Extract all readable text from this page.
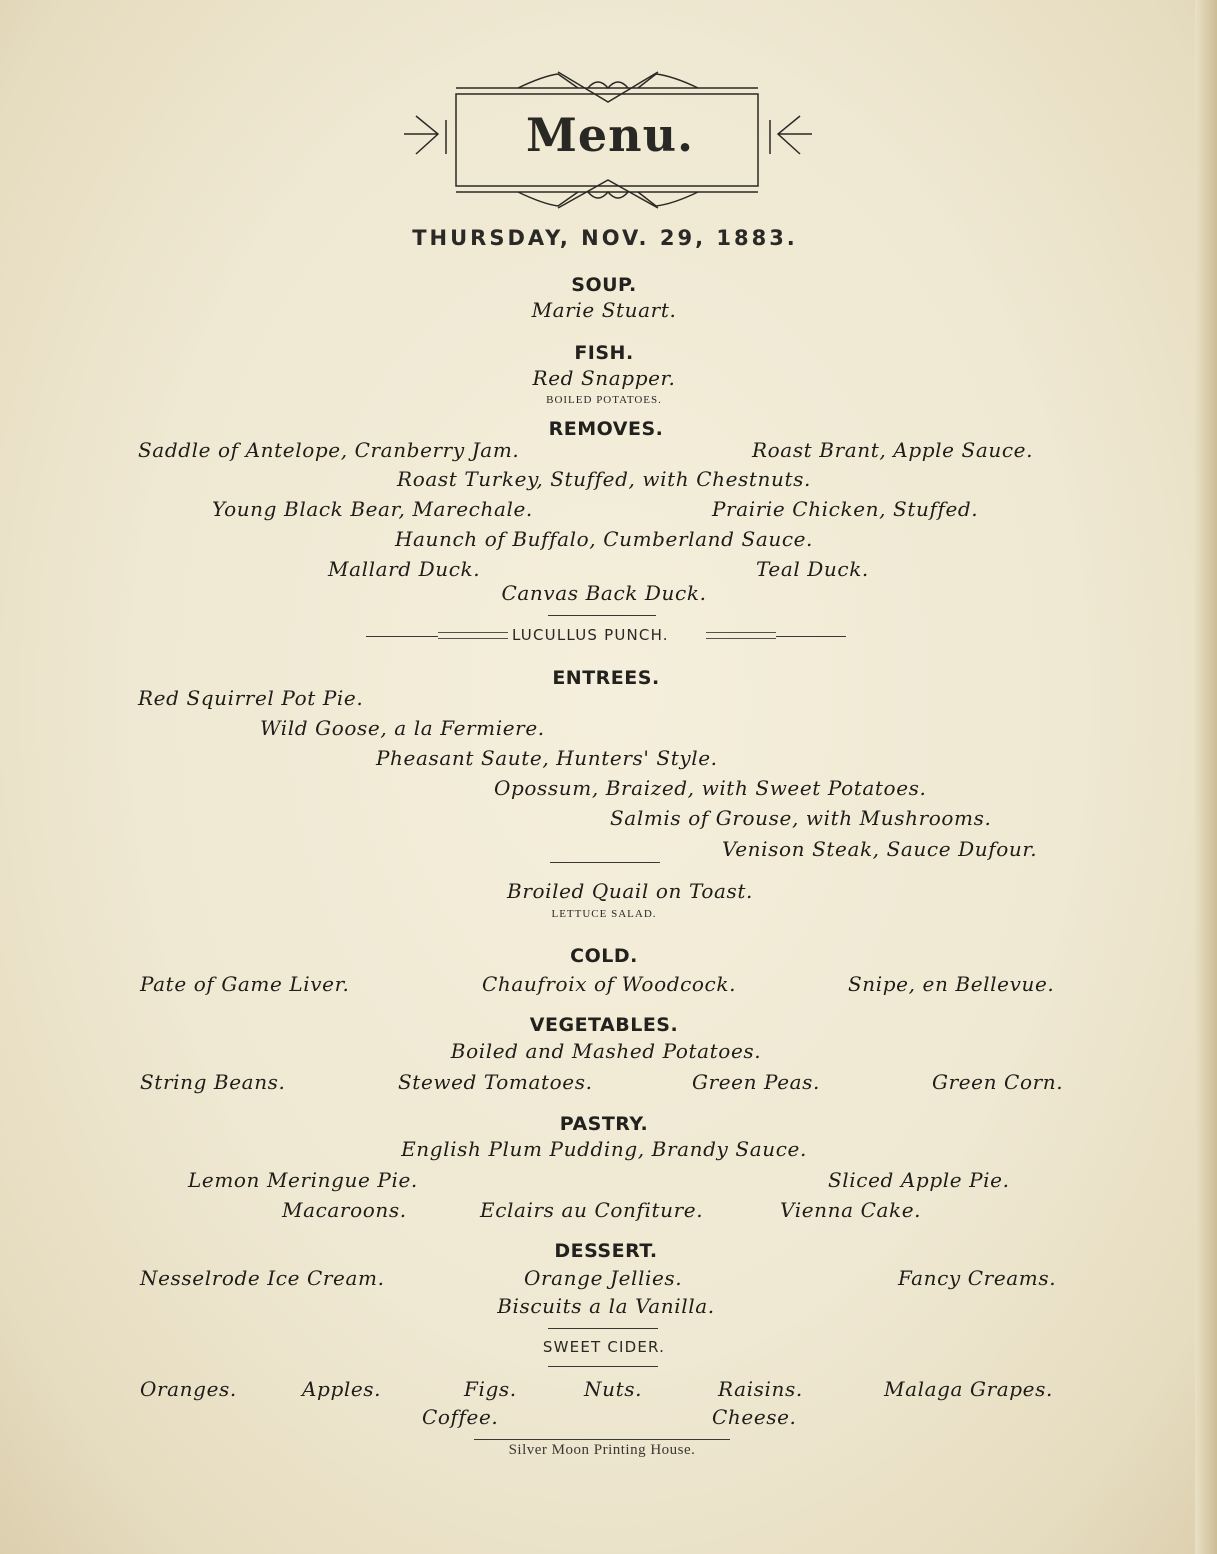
Menu.
THURSDAY, NOV. 29, 1883.
SOUP.
Marie Stuart.
FISH.
Red Snapper.
BOILED POTATOES.
REMOVES.
Saddle of Antelope, Cranberry Jam.	Roast Brant, Apple Sauce.
Roast Turkey, Stuffed, with Chestnuts.
Young Black Bear, Marechale.	Prairie Chicken, Stuffed.
Haunch of Buffalo, Cumberland Sauce.
Mallard Duck.	Teal Duck.
Canvas Back Duck.
LUCULLUS PUNCH.
ENTREES.
Red Squirrel Pot Pie.
Wild Goose, a la Fermiere.
Pheasant Saute, Hunters' Style.
Opossum, Braized, with Sweet Potatoes.
Salmis of Grouse, with Mushrooms.
Venison Steak, Sauce Dufour.
Broiled Quail on Toast.
LETTUCE SALAD.
COLD.
Pate of Game Liver.	Chaufroix of Woodcock.	Snipe, en Bellevue.
VEGETABLES.
Boiled and Mashed Potatoes.
String Beans.	Stewed Tomatoes.	Green Peas.	Green Corn.
PASTRY.
English Plum Pudding, Brandy Sauce.
Lemon Meringue Pie.	Sliced Apple Pie.
Macaroons.	Eclairs au Confiture.	Vienna Cake.
DESSERT.
Nesselrode Ice Cream.	Orange Jellies.	Fancy Creams.
Biscuits a la Vanilla.
SWEET CIDER.
Oranges.	Apples.	Figs.	Nuts.	Raisins.	Malaga Grapes.
Coffee.	Cheese.
Silver Moon Printing House.
